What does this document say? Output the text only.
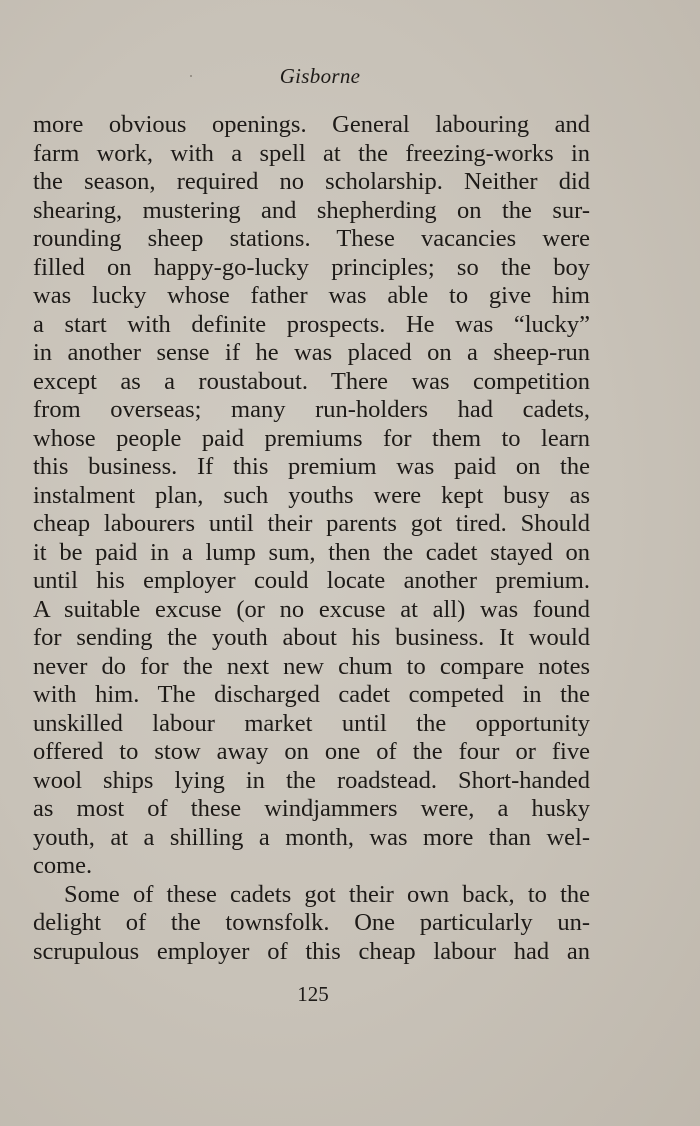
Gisborne
more obvious openings. General labouring and
farm work, with a spell at the freezing-works in
the season, required no scholarship. Neither did
shearing, mustering and shepherding on the sur-
rounding sheep stations. These vacancies were
filled on happy-go-lucky principles; so the boy
was lucky whose father was able to give him
a start with definite prospects. He was “lucky”
in another sense if he was placed on a sheep-run
except as a roustabout. There was competition
from overseas; many run-holders had cadets,
whose people paid premiums for them to learn
this business. If this premium was paid on the
instalment plan, such youths were kept busy as
cheap labourers until their parents got tired. Should
it be paid in a lump sum, then the cadet stayed on
until his employer could locate another premium.
A suitable excuse (or no excuse at all) was found
for sending the youth about his business. It would
never do for the next new chum to compare notes
with him. The discharged cadet competed in the
unskilled labour market until the opportunity
offered to stow away on one of the four or five
wool ships lying in the roadstead. Short-handed
as most of these windjammers were, a husky
youth, at a shilling a month, was more than wel-
come.
Some of these cadets got their own back, to the
delight of the townsfolk. One particularly un-
scrupulous employer of this cheap labour had an
125
